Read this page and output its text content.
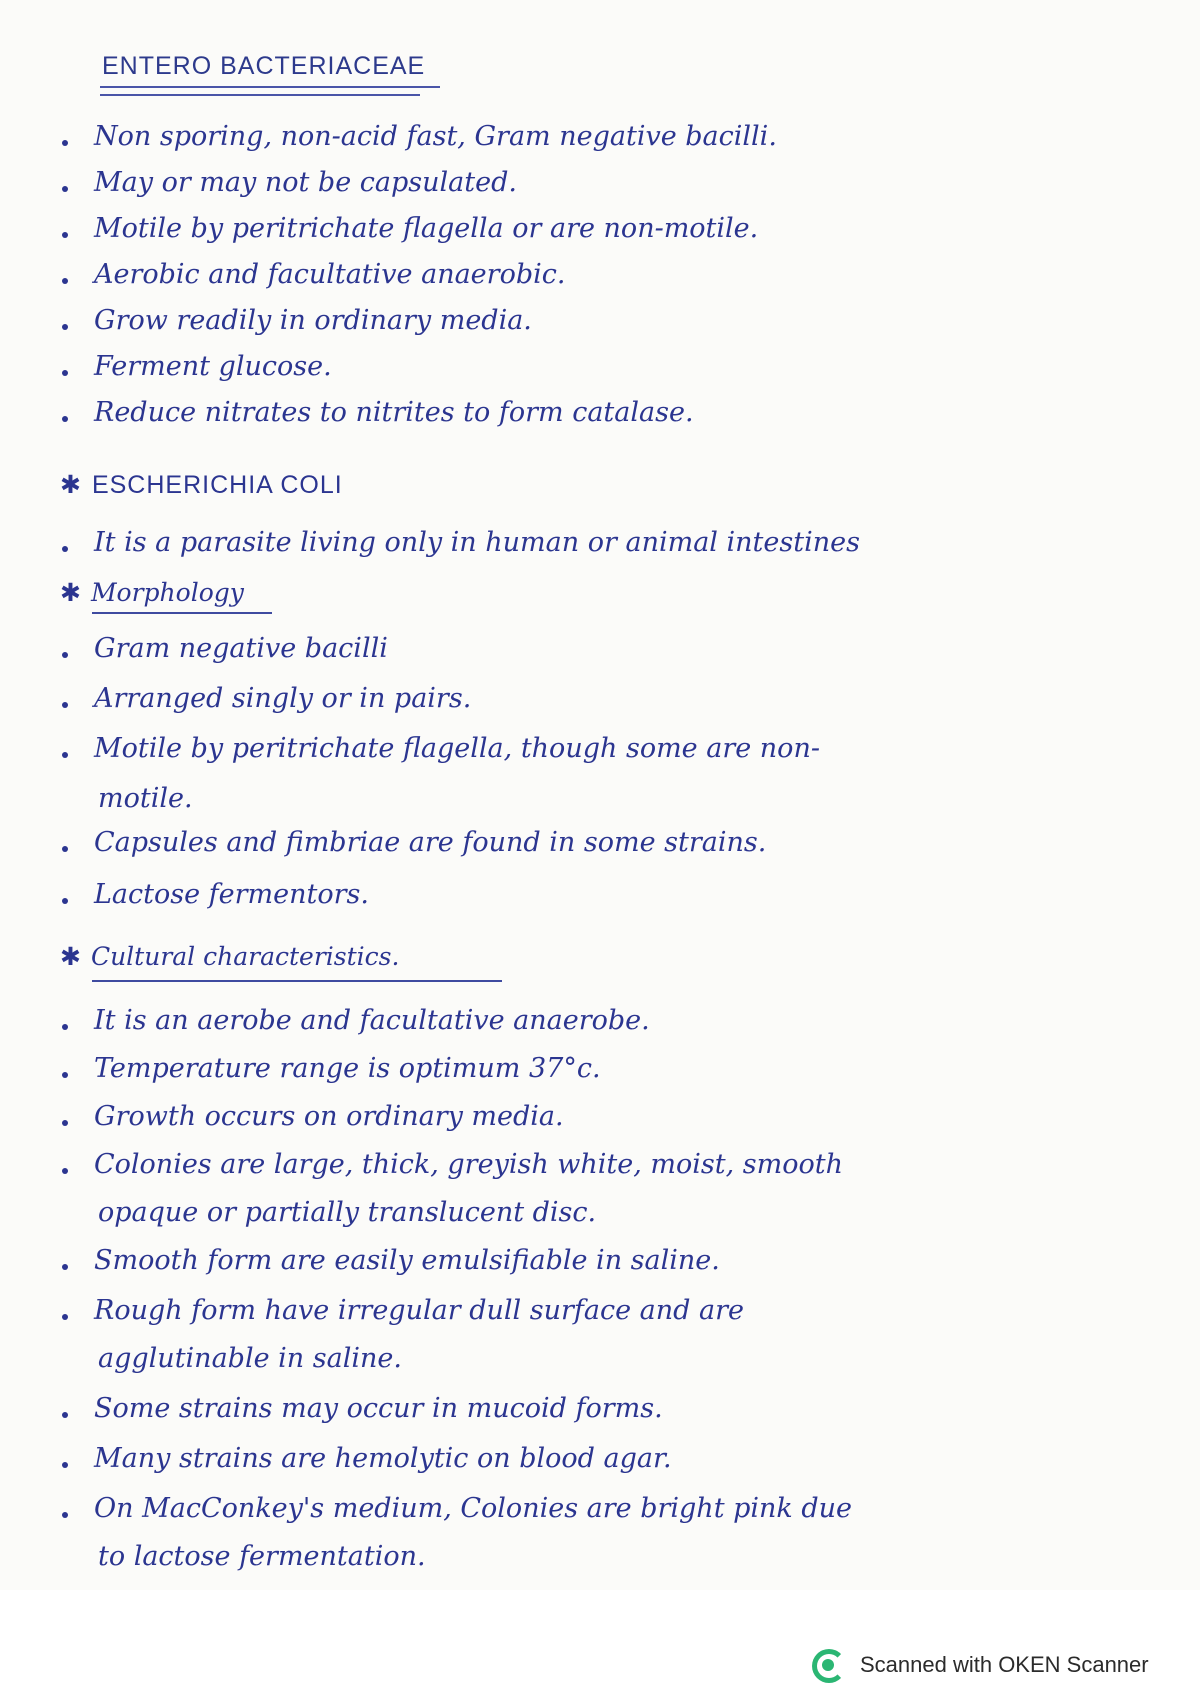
ENTERO BACTERIACEAE
Non sporing, non-acid fast, Gram negative bacilli.
May or may not be capsulated.
Motile by peritrichate flagella or are non-motile.
Aerobic and facultative anaerobic.
Grow readily in ordinary media.
Ferment glucose.
Reduce nitrates to nitrites to form catalase.
✱ ESCHERICHIA COLI
It is a parasite living only in human or animal intestines
✱ Morphology
Gram negative bacilli
Arranged singly or in pairs.
Motile by peritrichate flagella, though some are non-
motile.
Capsules and fimbriae are found in some strains.
Lactose fermentors.
✱ Cultural characteristics.
It is an aerobe and facultative anaerobe.
Temperature range is optimum 37°c.
Growth occurs on ordinary media.
Colonies are large, thick, greyish white, moist, smooth
opaque or partially translucent disc.
Smooth form are easily emulsifiable in saline.
Rough form have irregular dull surface and are
agglutinable in saline.
Some strains may occur in mucoid forms.
Many strains are hemolytic on blood agar.
On MacConkey's medium, Colonies are bright pink due
to lactose fermentation.
Scanned with OKEN Scanner
